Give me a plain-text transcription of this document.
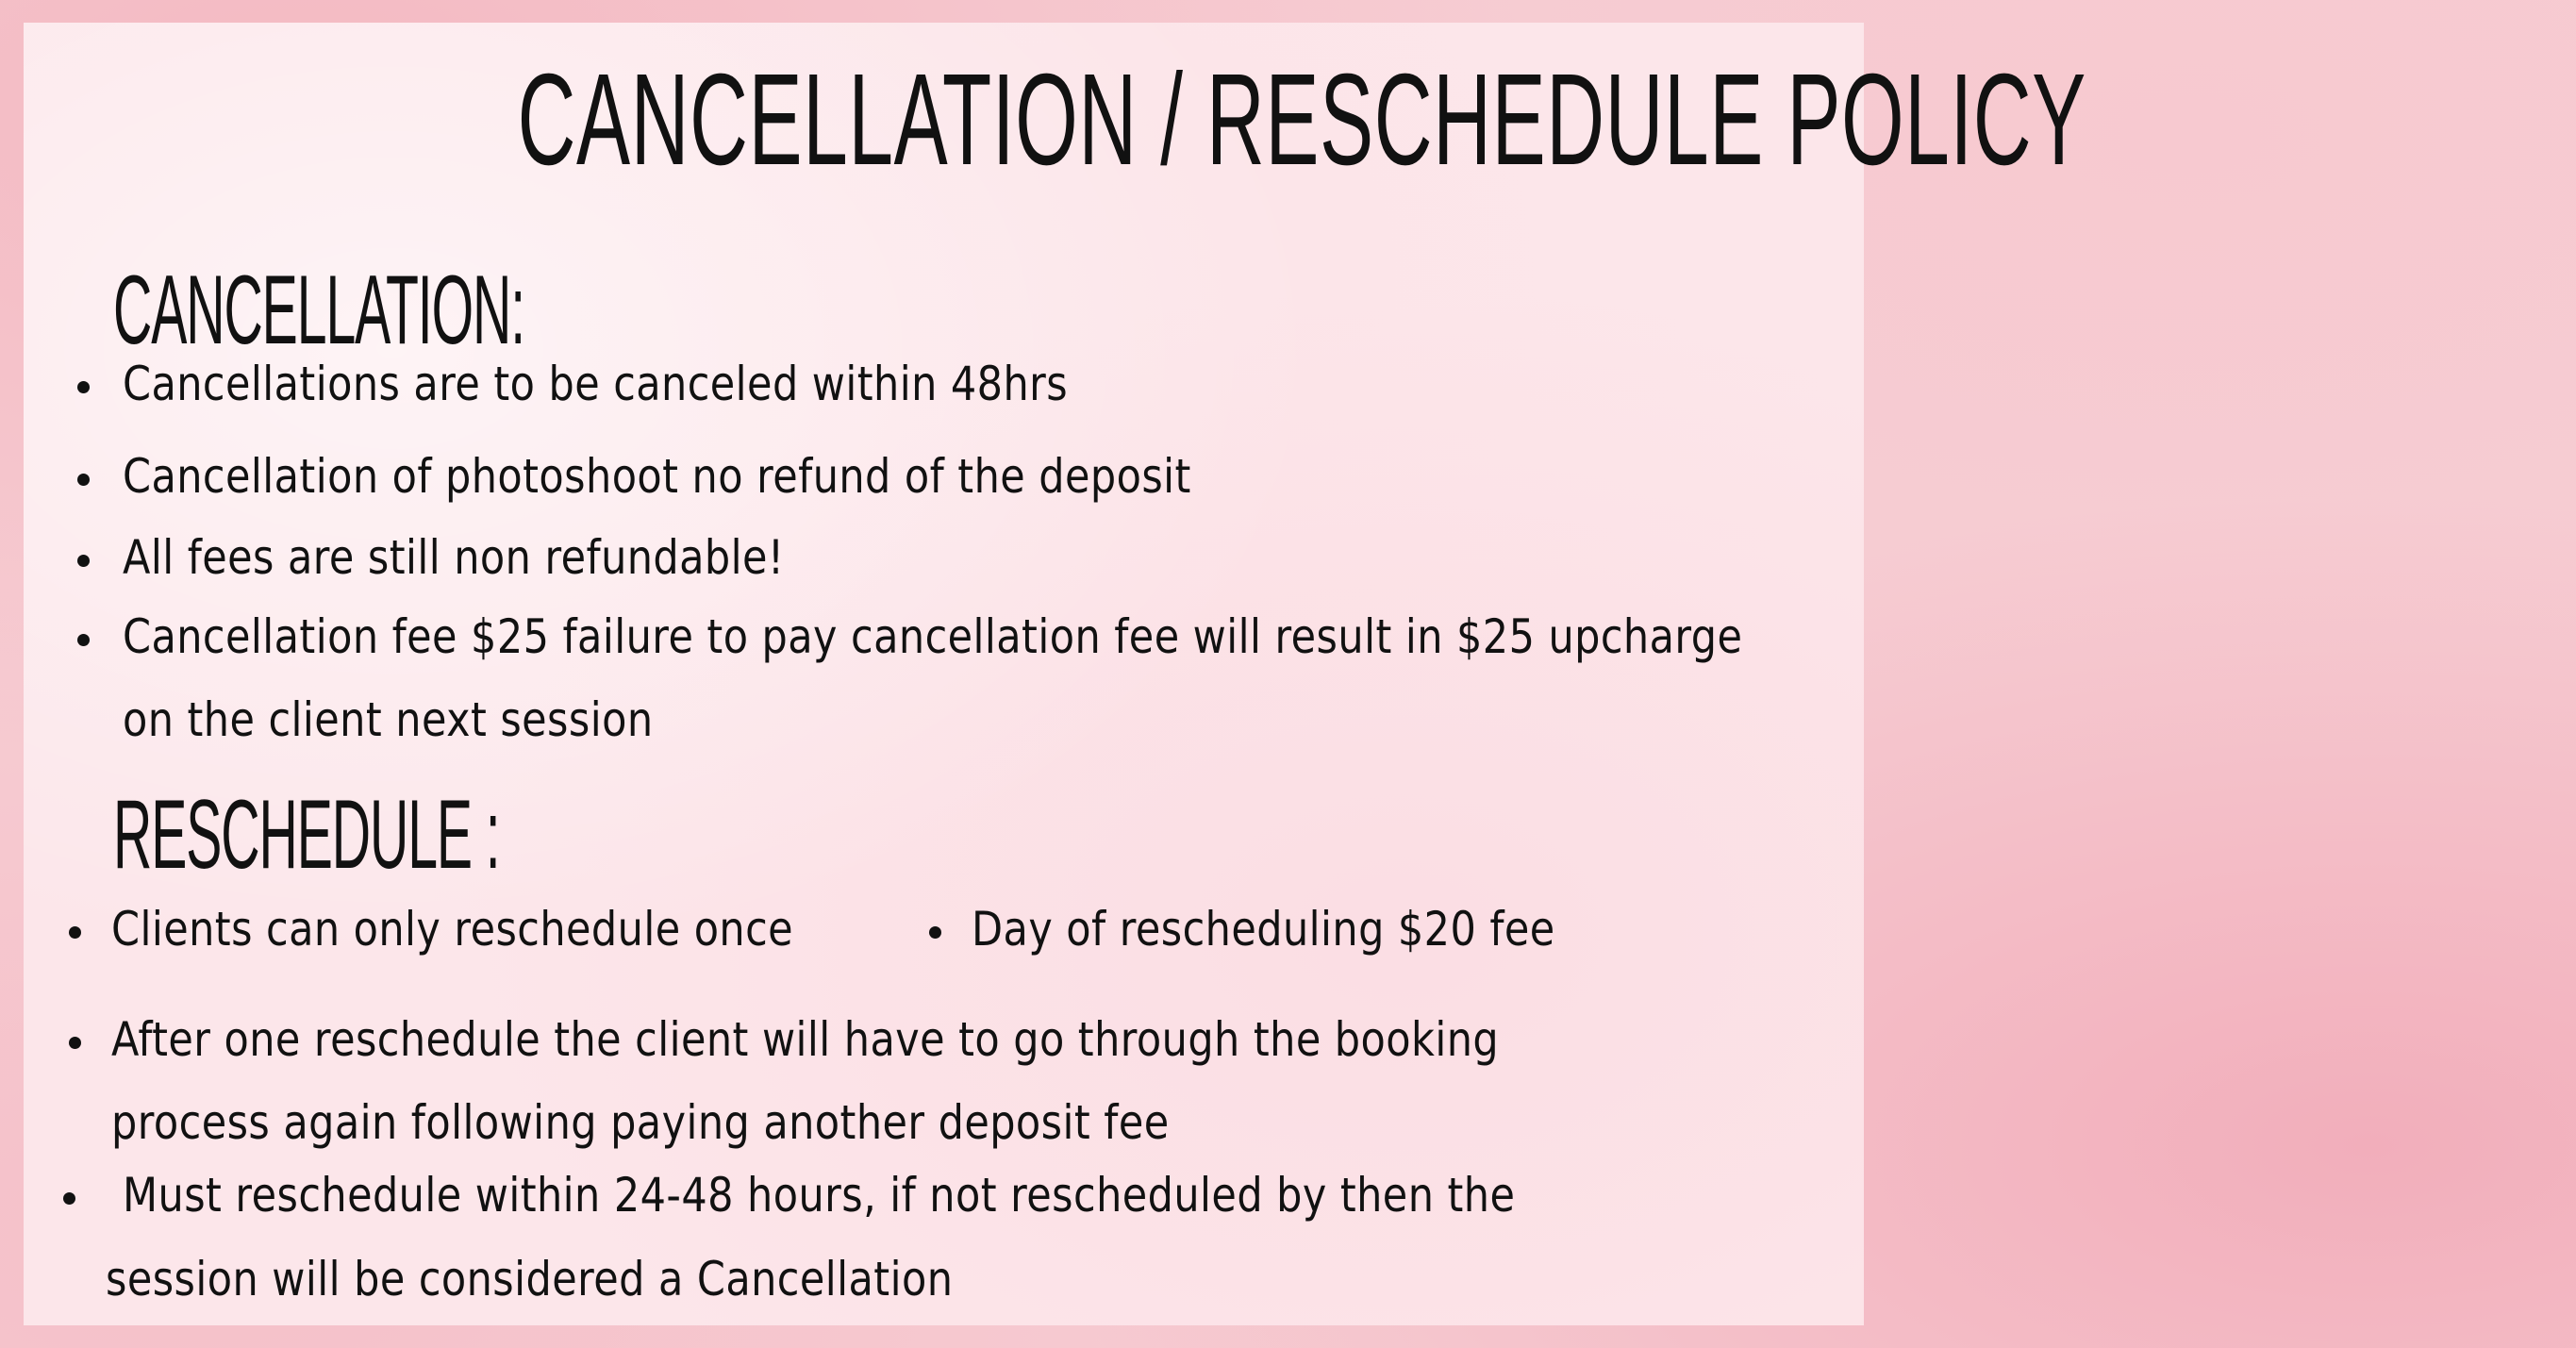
CANCELLATION / RESCHEDULE POLICY
CANCELLATION:
Cancellations are to be canceled within 48hrs
Cancellation of photoshoot no refund of the deposit
All fees are still non refundable!
Cancellation fee $25 failure to pay cancellation fee will result in $25 upcharge
on the client next session
RESCHEDULE :
Clients can only reschedule once	Day of rescheduling $20 fee
After one reschedule the client will have to go through the booking
process again following paying another deposit fee
Must reschedule within 24-48 hours, if not rescheduled by then the
session will be considered a Cancellation
